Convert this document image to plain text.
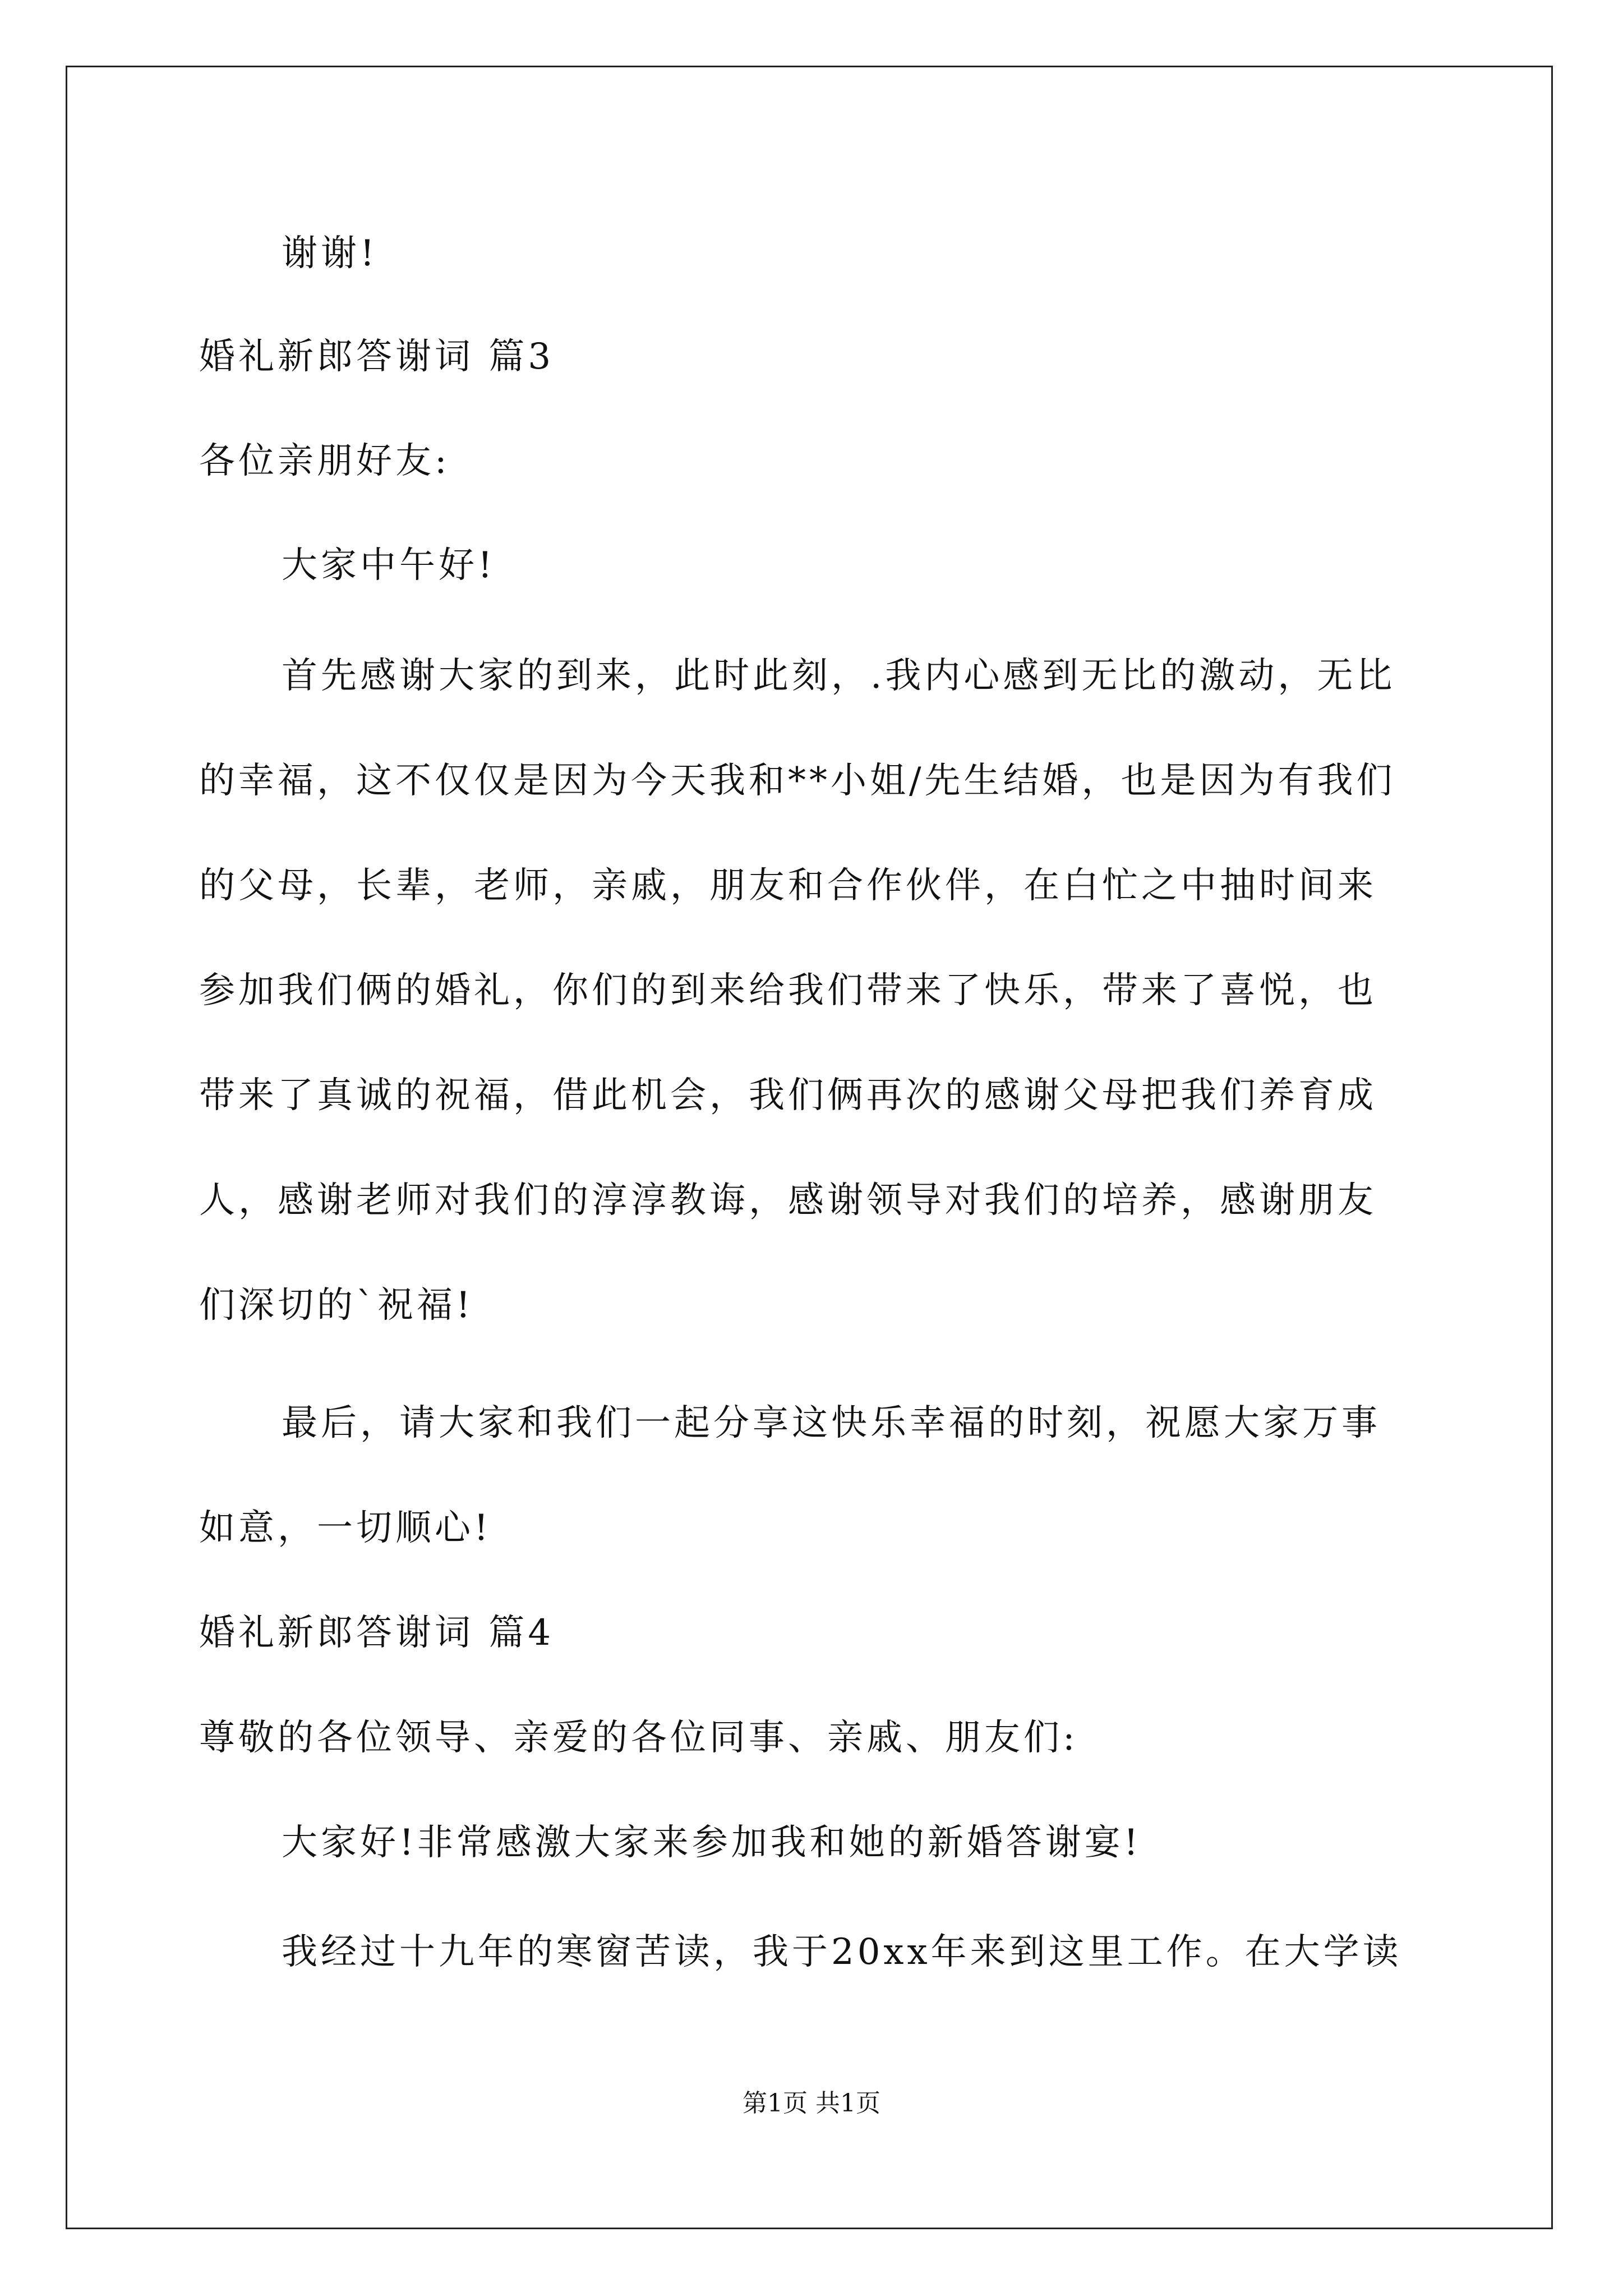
谢谢!
婚礼新郎答谢词 篇3
各位亲朋好友:
大家中午好!
首先感谢大家的到来，此时此刻，.我内心感到无比的激动，无比
的幸福，这不仅仅是因为今天我和**小姐/先生结婚，也是因为有我们
的父母，长辈，老师，亲戚，朋友和合作伙伴，在白忙之中抽时间来
参加我们俩的婚礼，你们的到来给我们带来了快乐，带来了喜悦，也
带来了真诚的祝福，借此机会，我们俩再次的感谢父母把我们养育成
人，感谢老师对我们的淳淳教诲，感谢领导对我们的培养，感谢朋友
们深切的`祝福!
最后，请大家和我们一起分享这快乐幸福的时刻，祝愿大家万事
如意，一切顺心!
婚礼新郎答谢词 篇4
尊敬的各位领导、亲爱的各位同事、亲戚、朋友们:
大家好!非常感激大家来参加我和她的新婚答谢宴!
我经过十九年的寒窗苦读，我于20xx年来到这里工作。在大学读
第1页 共1页
